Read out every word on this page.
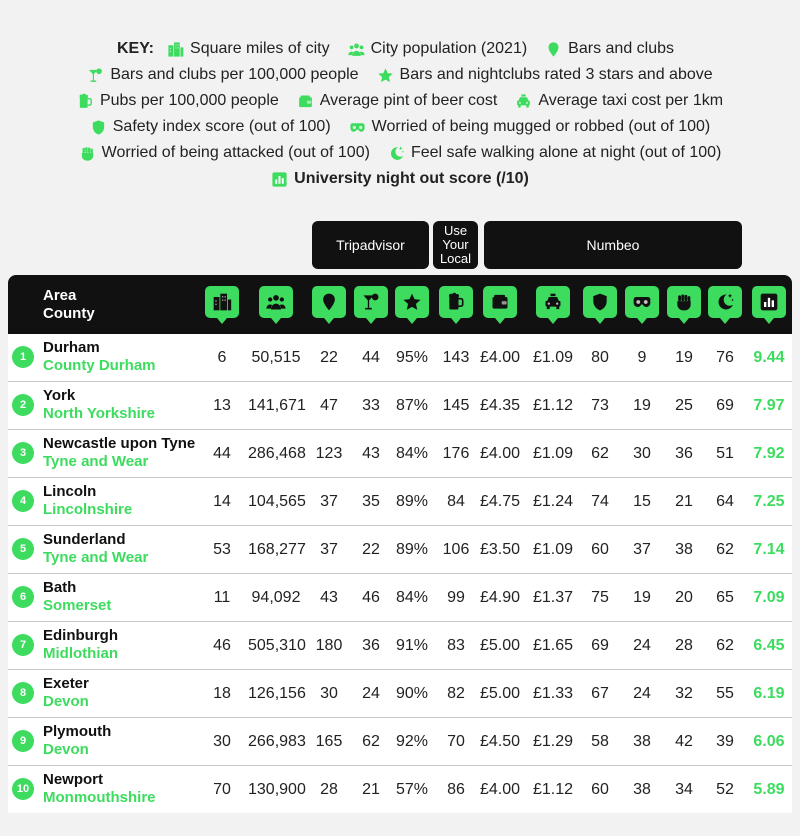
KEY: Square miles of city	City population (2021)	Bars and clubs
Bars and clubs per 100,000 people	Bars and nightclubs rated 3 stars and above
Pubs per 100,000 people	Average pint of beer cost	Average taxi cost per 1km
Safety index score (out of 100)	Worried of being mugged or robbed (out of 100)
Worried of being attacked (out of 100)	Feel safe walking alone at night (out of 100)
University night out score (/10)
Tripadvisor
Use Your Local
Numbeo
Area
County
1
Durham
County Durham	6	50,515	22	44	95% 143 £4.00 £1.09	80	9	19	76	9.44
2
York
North Yorkshire	13	141,671 47	33	87% 145 £4.35 £1.12	73	19	25	69	7.97
3
Newcastle upon Tyne
Tyne and Wear	44	286,468 123	43	84% 176 £4.00 £1.09	62	30	36	51	7.92
4
Lincoln
Lincolnshire	14	104,565 37	35	89%	84 £4.75 £1.24	74	15	21	64	7.25
5
Sunderland
Tyne and Wear	53	168,277 37	22	89% 106 £3.50 £1.09	60	37	38	62	7.14
6
Bath
Somerset	11	94,092	43	46	84%	99 £4.90 £1.37	75	19	20	65	7.09
7
Edinburgh
Midlothian	46	505,310 180	36	91%	83 £5.00 £1.65	69	24	28	62	6.45
8
Exeter
Devon	18	126,156 30	24	90%	82 £5.00 £1.33	67	24	32	55	6.19
9
Plymouth
Devon	30	266,983 165	62	92%	70 £4.50 £1.29	58	38	42	39	6.06
10
Newport
Monmouthshire	70	130,900 28	21	57%	86 £4.00 £1.12	60	38	34	52	5.89
